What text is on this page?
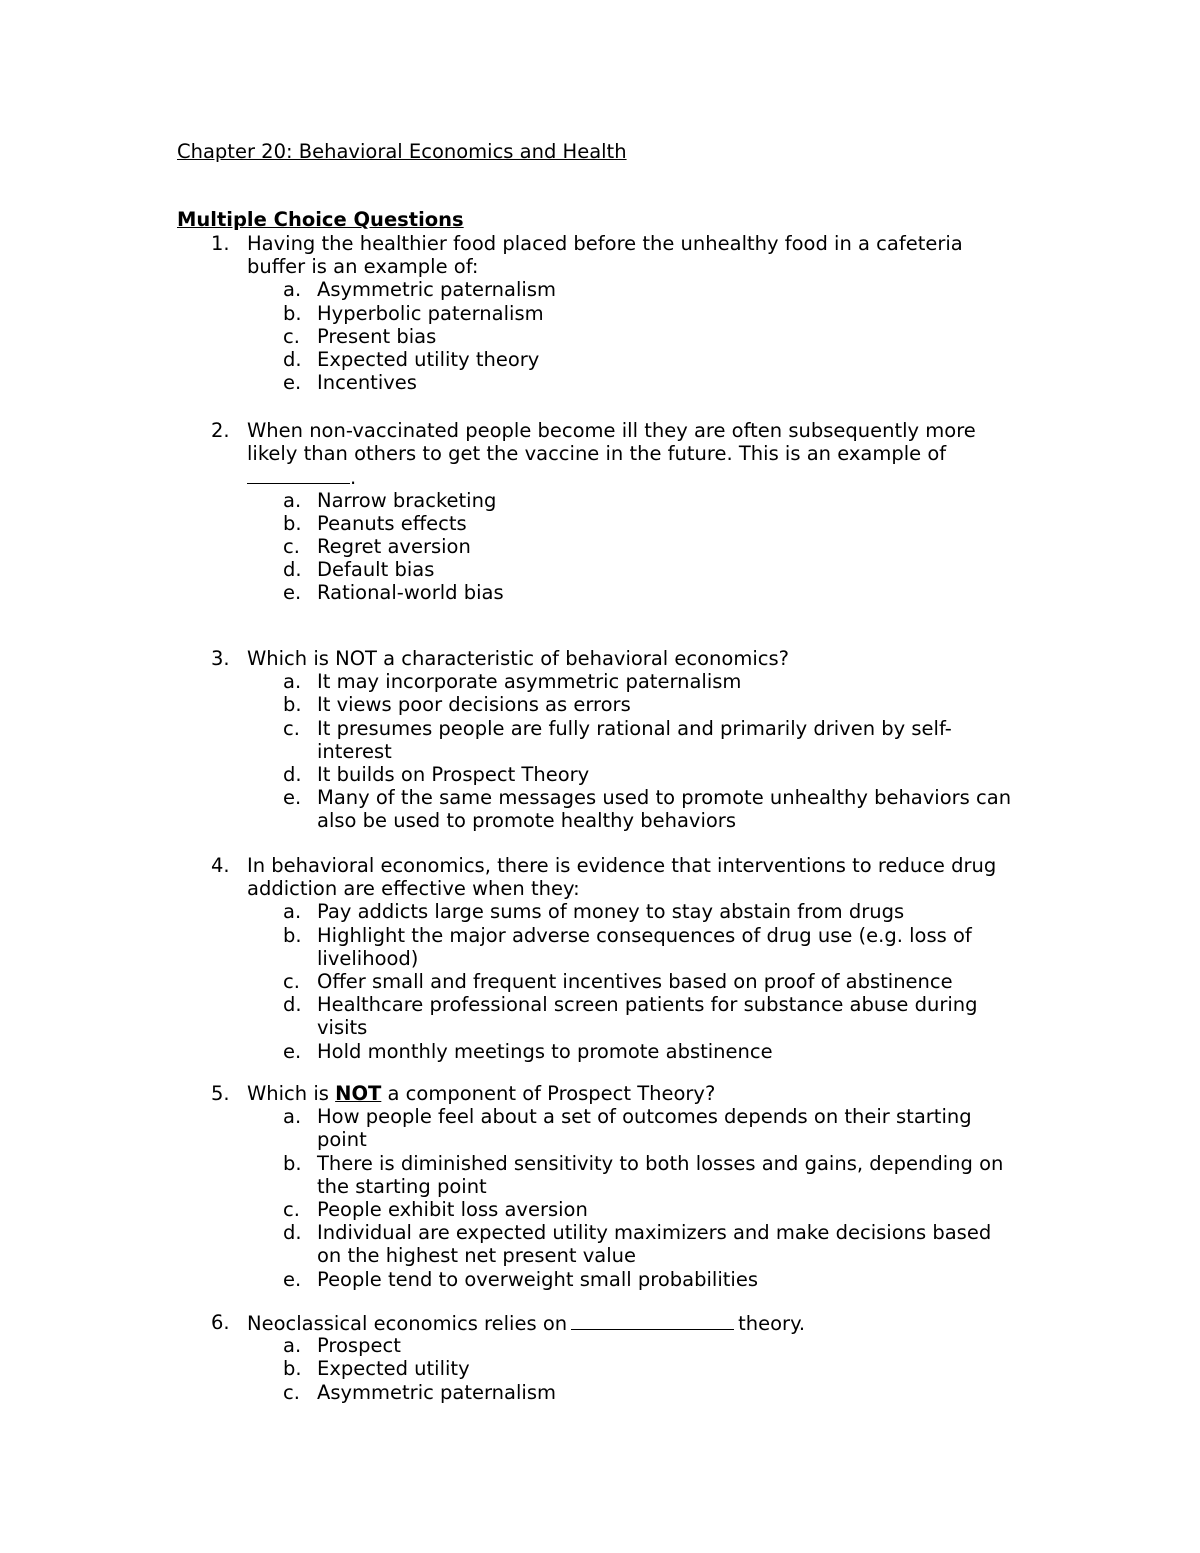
Chapter 20: Behavioral Economics and Health
Multiple Choice Questions
1. Having the healthier food placed before the unhealthy food in a cafeteria
buffer is an example of:
a. Asymmetric paternalism
b. Hyperbolic paternalism
c. Present bias
d. Expected utility theory
e. Incentives
2. When non-vaccinated people become ill they are often subsequently more
likely than others to get the vaccine in the future. This is an example of
.
a. Narrow bracketing
b. Peanuts effects
c. Regret aversion
d. Default bias
e. Rational-world bias
3. Which is NOT a characteristic of behavioral economics?
a. It may incorporate asymmetric paternalism
b. It views poor decisions as errors
c. It presumes people are fully rational and primarily driven by self-
interest
d. It builds on Prospect Theory
e. Many of the same messages used to promote unhealthy behaviors can
also be used to promote healthy behaviors
4. In behavioral economics, there is evidence that interventions to reduce drug
addiction are effective when they:
a. Pay addicts large sums of money to stay abstain from drugs
b. Highlight the major adverse consequences of drug use (e.g. loss of
livelihood)
c. Offer small and frequent incentives based on proof of abstinence
d. Healthcare professional screen patients for substance abuse during
visits
e. Hold monthly meetings to promote abstinence
5. Which is NOT a component of Prospect Theory?
a. How people feel about a set of outcomes depends on their starting
point
b. There is diminished sensitivity to both losses and gains, depending on
the starting point
c. People exhibit loss aversion
d. Individual are expected utility maximizers and make decisions based
on the highest net present value
e. People tend to overweight small probabilities
6. Neoclassical economics relies on	theory.
a. Prospect
b. Expected utility
c. Asymmetric paternalism
